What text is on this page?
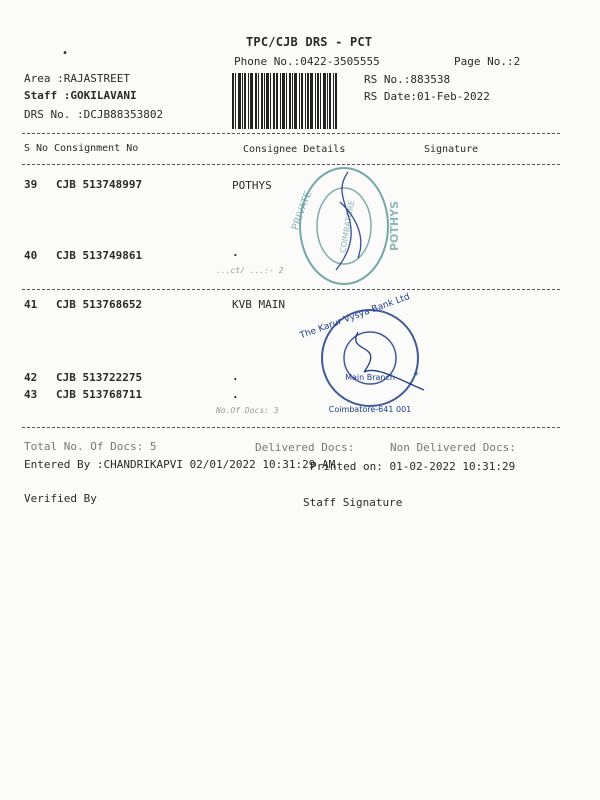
•
TPC/CJB DRS - PCT
Phone No.:0422-3505555	Page No.:2
Area :RAJASTREET
Staff :GOKILAVANI
DRS No. :DCJB88353802
RS No.:883538
RS Date:01-Feb-2022
S No Consignment No	Consignee Details	Signature
39 CJB 513748997	POTHYS
40 CJB 513749861	.
...ct/ ...:- 2
41 CJB 513768652	KVB MAIN
42 CJB 513722275	.
43 CJB 513768711	.
No.Of Docs: 3
Total No. Of Docs: 5	Delivered Docs:	Non Delivered Docs:
Entered By :CHANDRIKAPVI 02/01/2022 10:31:29 AM
Printed on: 01-02-2022 10:31:29
Verified By	Staff Signature
PRIVATE	POTHYS
COIMBATORE
The Karur Vysya Bank Ltd
Main Branch
Coimbatore-641 001
*
